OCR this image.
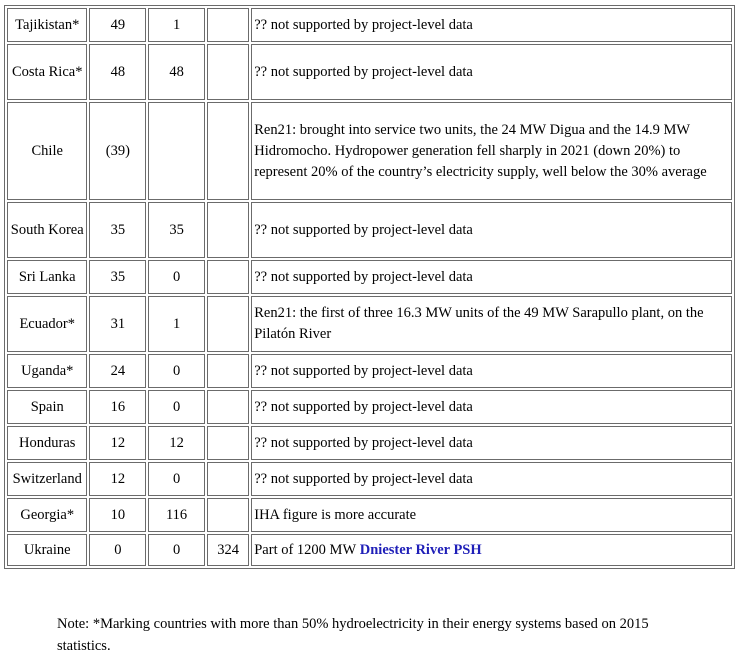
Tajikistan*	49	1		?? not supported by project-level data
Costa Rica*	48	48		?? not supported by project-level data
Chile	(39)			Ren21: brought into service two units, the 24 MW Digua and the 14.9 MW Hidromocho. Hydropower generation fell sharply in 2021 (down 20%) to represent 20% of the country’s electricity supply, well below the 30% average
South Korea	35	35		?? not supported by project-level data
Sri Lanka	35	0		?? not supported by project-level data
Ecuador*	31	1		Ren21: the first of three 16.3 MW units of the 49 MW Sarapullo plant, on the Pilatón River
Uganda*	24	0		?? not supported by project-level data
Spain	16	0		?? not supported by project-level data
Honduras	12	12		?? not supported by project-level data
Switzerland	12	0		?? not supported by project-level data
Georgia*	10	116		IHA figure is more accurate
Ukraine	0	0	324	Part of 1200 MW Dniester River PSH
Note: *Marking countries with more than 50% hydroelectricity in their energy systems based on 2015 statistics.
